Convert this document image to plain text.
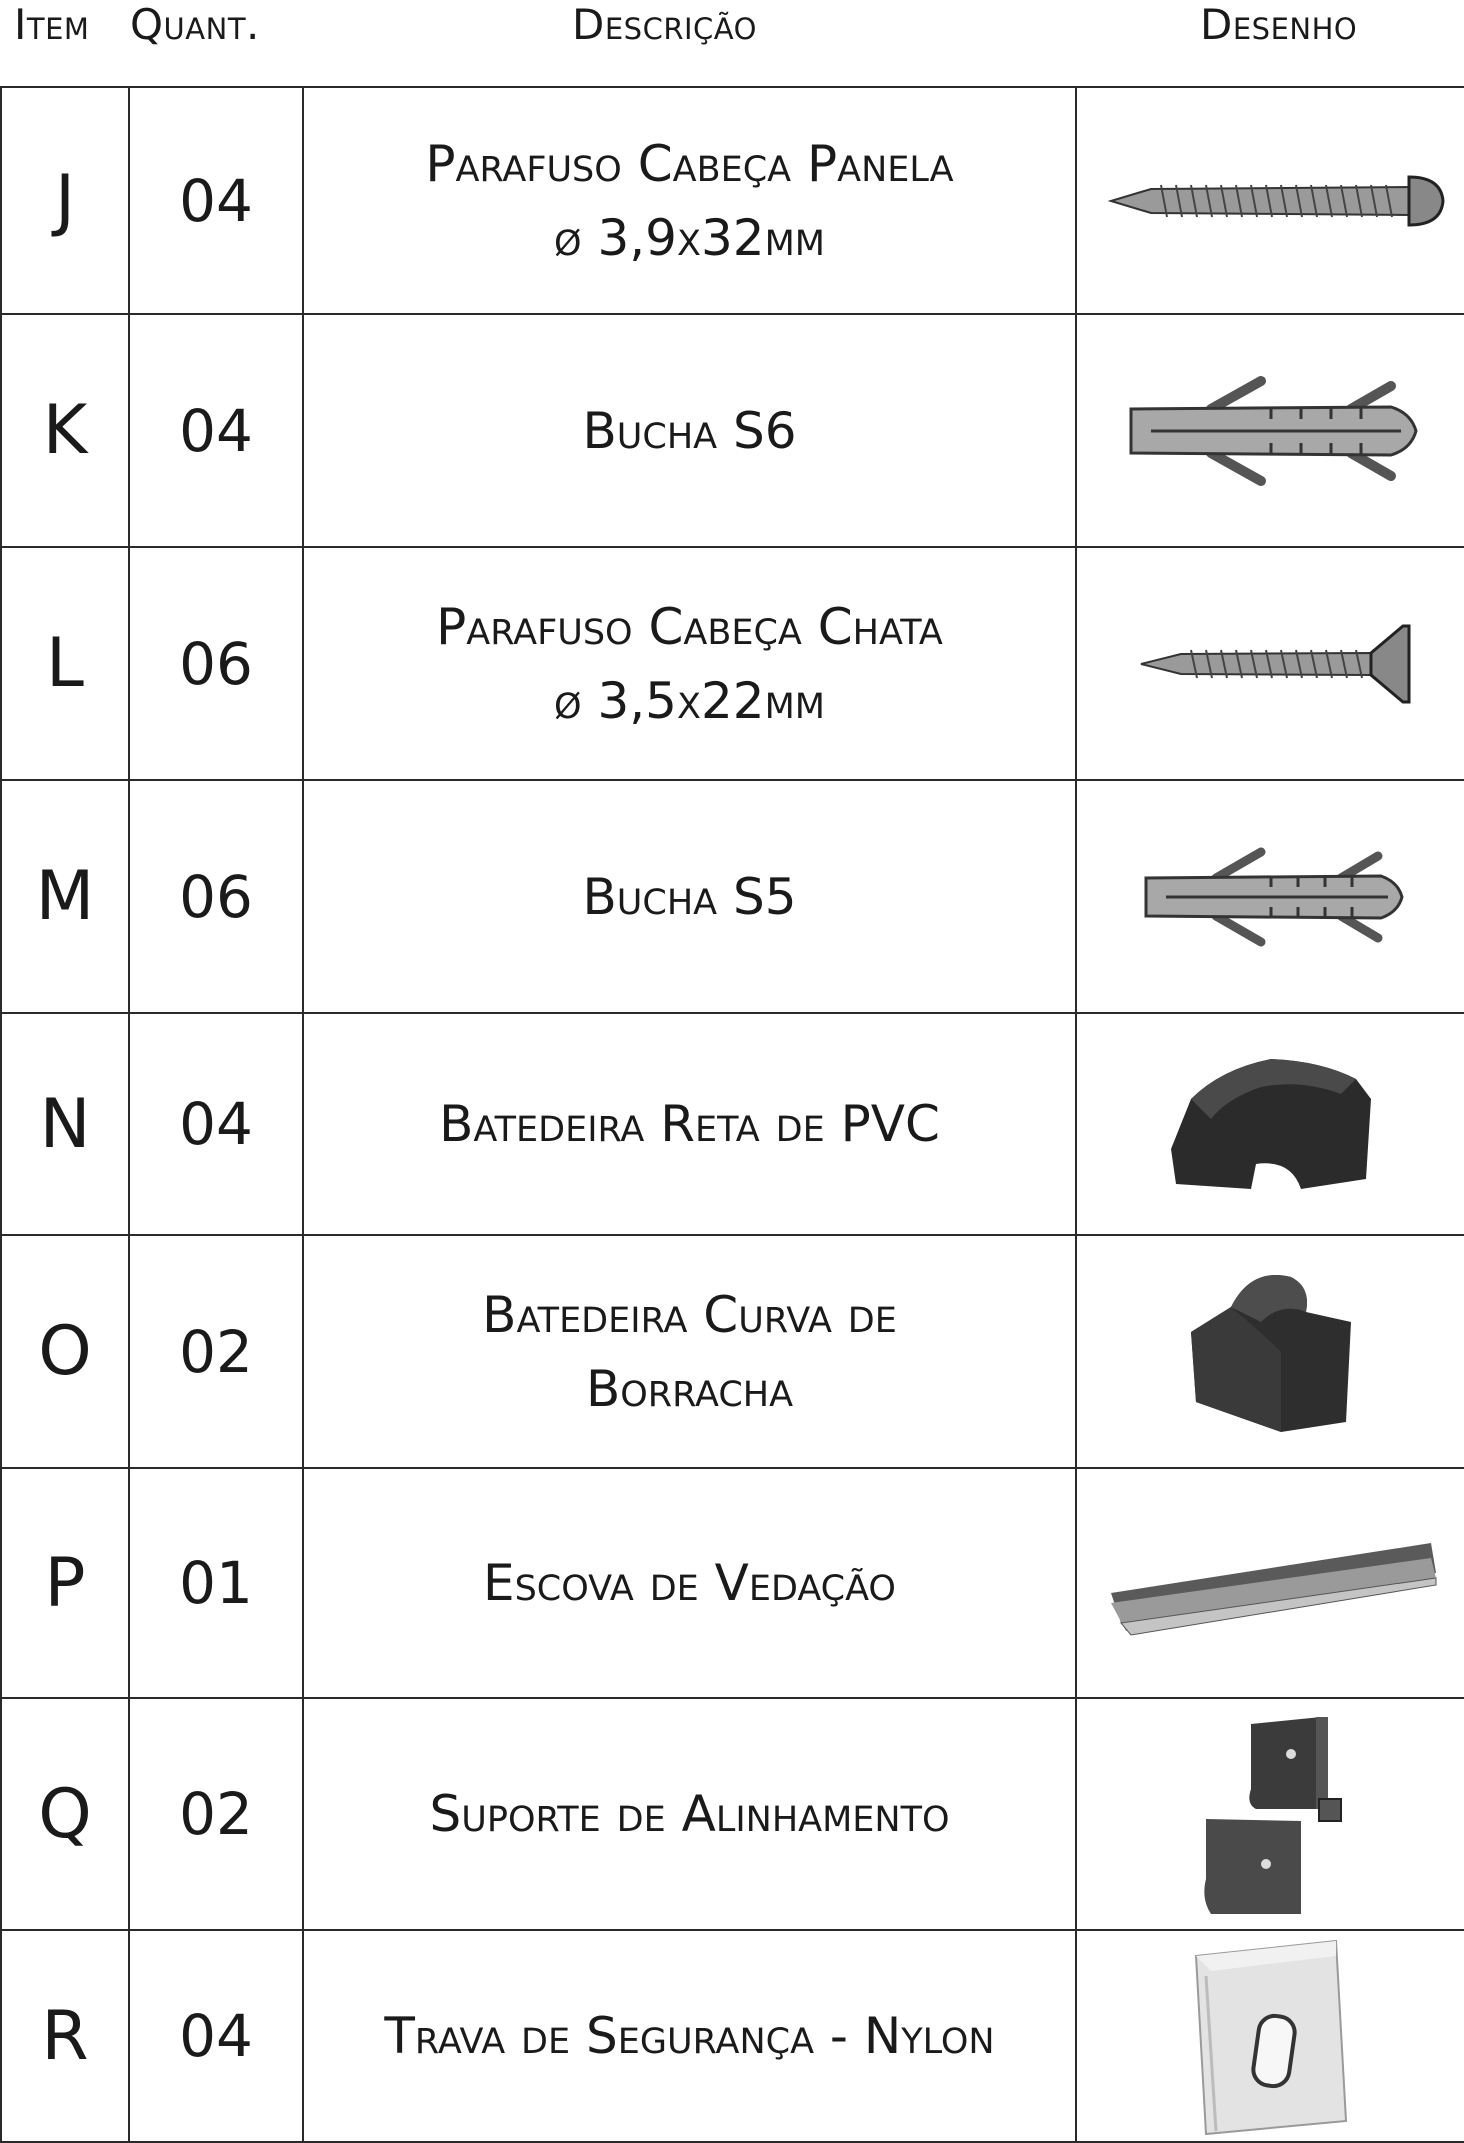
Item Quant.	Descrição	Desenho
J	04	Parafuso Cabeça Panela
ø 3,9x32mm

K	04	Bucha S6

L	06	Parafuso Cabeça Chata
ø 3,5x22mm

M	06	Bucha S5

N	04	Batedeira Reta de PVC

O	02	Batedeira Curva de
Borracha

P	01	Escova de Vedação

Q	02	Suporte de Alinhamento

R	04	Trava de Segurança - Nylon
